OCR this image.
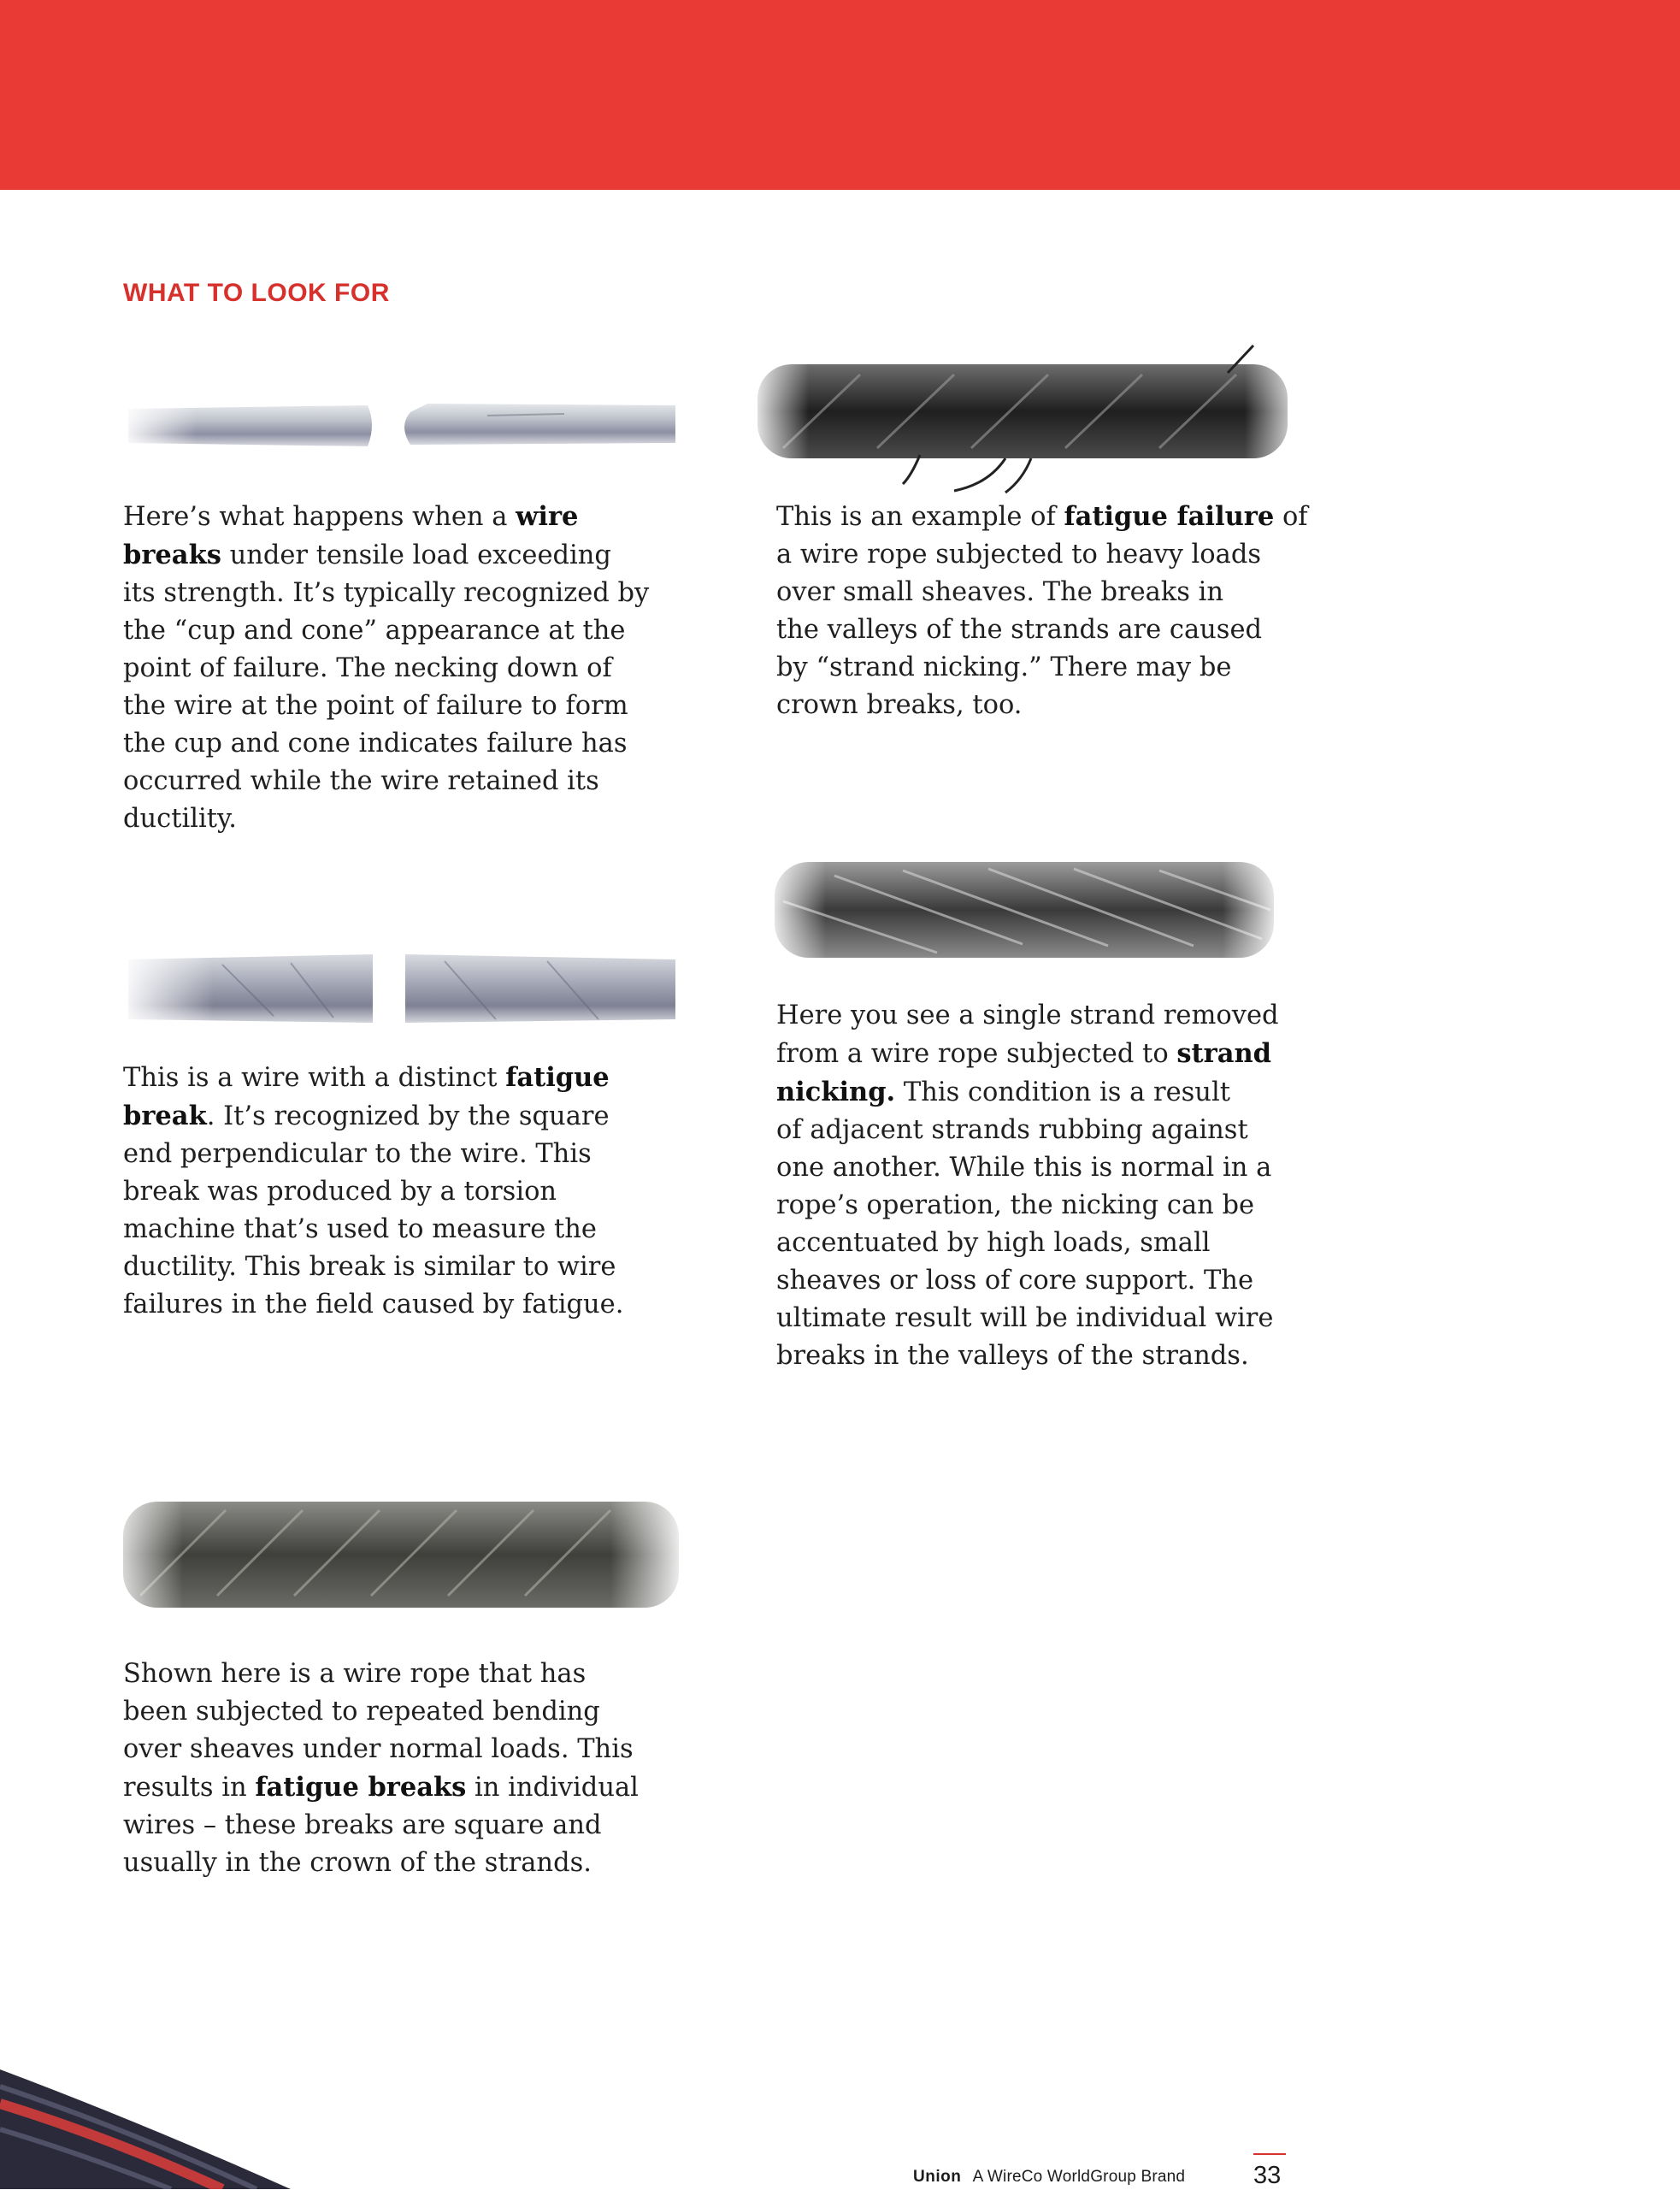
WHAT TO LOOK FOR

Here’s what happens when a wire
breaks under tensile load exceeding
its strength. It’s typically recognized by
the “cup and cone” appearance at the
point of failure. The necking down of
the wire at the point of failure to form
the cup and cone indicates failure has
occurred while the wire retained its
ductility.

This is a wire with a distinct fatigue
break. It’s recognized by the square
end perpendicular to the wire. This
break was produced by a torsion
machine that’s used to measure the
ductility. This break is similar to wire
failures in the field caused by fatigue.

Shown here is a wire rope that has
been subjected to repeated bending
over sheaves under normal loads. This
results in fatigue breaks in individual
wires – these breaks are square and
usually in the crown of the strands.

This is an example of fatigue failure of
a wire rope subjected to heavy loads
over small sheaves. The breaks in
the valleys of the strands are caused
by “strand nicking.” There may be
crown breaks, too.

Here you see a single strand removed
from a wire rope subjected to strand
nicking. This condition is a result
of adjacent strands rubbing against
one another. While this is normal in a
rope’s operation, the nicking can be
accentuated by high loads, small
sheaves or loss of core support. The
ultimate result will be individual wire
breaks in the valleys of the strands.

Union A WireCo WorldGroup Brand	33
